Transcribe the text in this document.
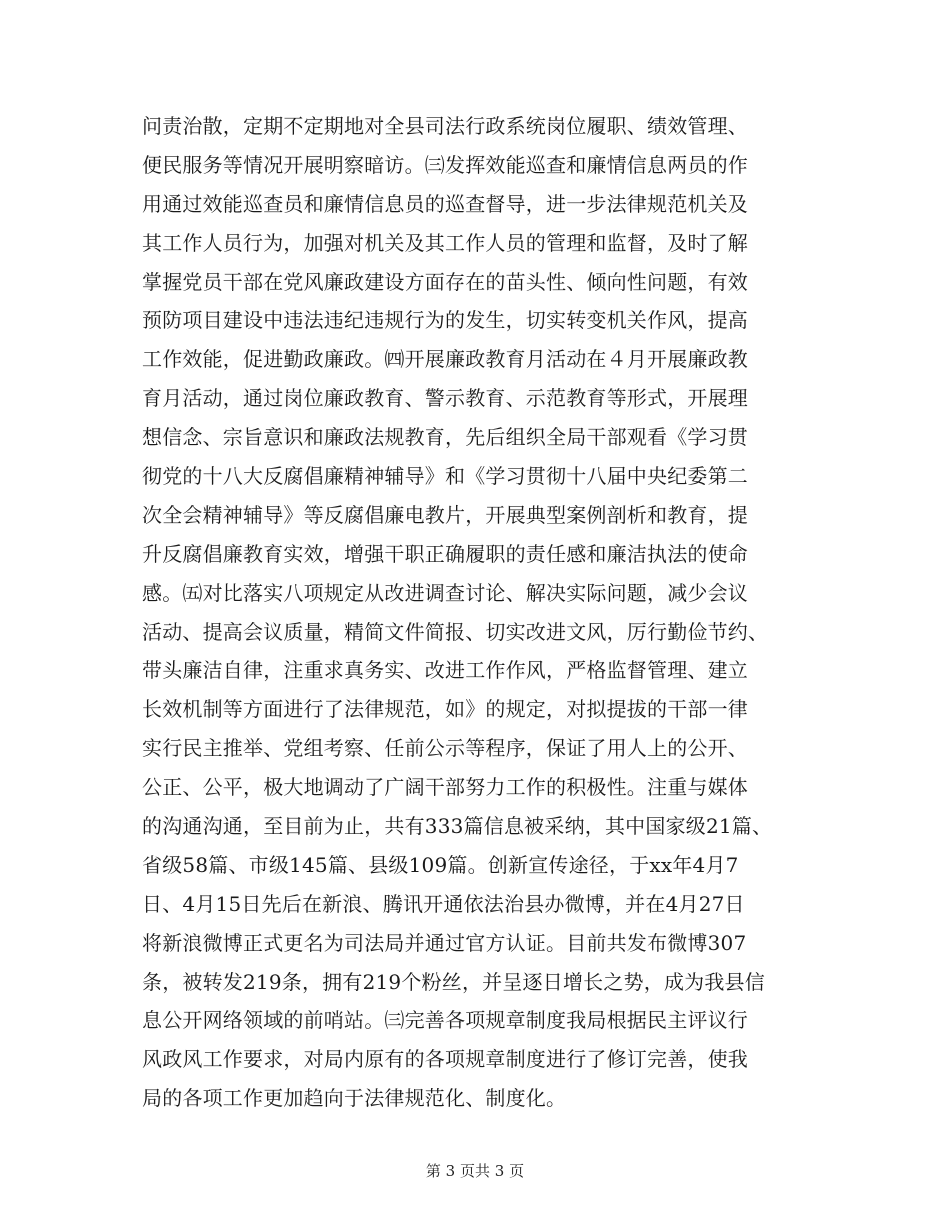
问责治散，定期不定期地对全县司法行政系统岗位履职、绩效管理、
便民服务等情况开展明察暗访。㈢发挥效能巡查和廉情信息两员的作
用通过效能巡查员和廉情信息员的巡查督导，进一步法律规范机关及
其工作人员行为，加强对机关及其工作人员的管理和监督，及时了解
掌握党员干部在党风廉政建设方面存在的苗头性、倾向性问题，有效
预防项目建设中违法违纪违规行为的发生，切实转变机关作风，提高
工作效能，促进勤政廉政。㈣开展廉政教育月活动在４月开展廉政教
育月活动，通过岗位廉政教育、警示教育、示范教育等形式，开展理
想信念、宗旨意识和廉政法规教育，先后组织全局干部观看《学习贯
彻党的十八大反腐倡廉精神辅导》和《学习贯彻十八届中央纪委第二
次全会精神辅导》等反腐倡廉电教片，开展典型案例剖析和教育，提
升反腐倡廉教育实效，增强干职正确履职的责任感和廉洁执法的使命
感。㈤对比落实八项规定从改进调查讨论、解决实际问题，减少会议
活动、提高会议质量，精简文件简报、切实改进文风，厉行勤俭节约、
带头廉洁自律，注重求真务实、改进工作作风，严格监督管理、建立
长效机制等方面进行了法律规范，如》的规定，对拟提拔的干部一律
实行民主推举、党组考察、任前公示等程序，保证了用人上的公开、
公正、公平，极大地调动了广阔干部努力工作的积极性。注重与媒体
的沟通沟通，至目前为止，共有333篇信息被采纳，其中国家级21篇、
省级58篇、市级145篇、县级109篇。创新宣传途径，于xx年4月7
日、4月15日先后在新浪、腾讯开通依法治县办微博，并在4月27日
将新浪微博正式更名为司法局并通过官方认证。目前共发布微博307
条，被转发219条，拥有219个粉丝，并呈逐日增长之势，成为我县信
息公开网络领域的前哨站。㈢完善各项规章制度我局根据民主评议行
风政风工作要求，对局内原有的各项规章制度进行了修订完善，使我
局的各项工作更加趋向于法律规范化、制度化。
第 3 页共 3 页
